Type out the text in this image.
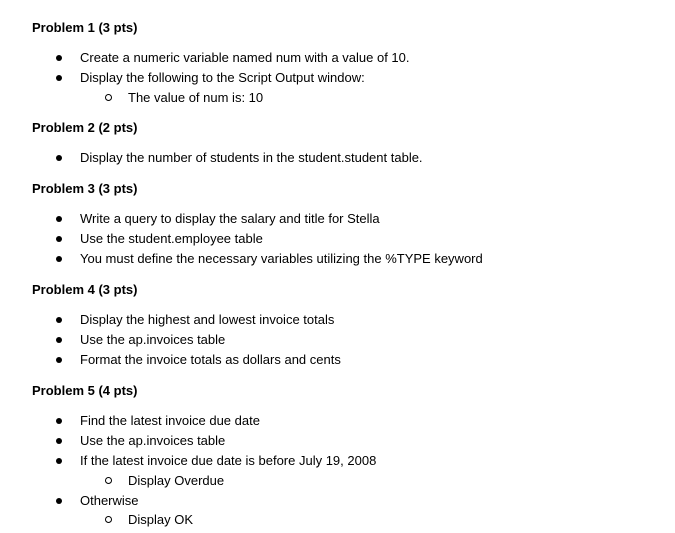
Problem 1 (3 pts)
Create a numeric variable named num with a value of 10.
Display the following to the Script Output window:
The value of num is: 10
Problem 2 (2 pts)
Display the number of students in the student.student table.
Problem 3 (3 pts)
Write a query to display the salary and title for Stella
Use the student.employee table
You must define the necessary variables utilizing the %TYPE keyword
Problem 4 (3 pts)
Display the highest and lowest invoice totals
Use the ap.invoices table
Format the invoice totals as dollars and cents
Problem 5 (4 pts)
Find the latest invoice due date
Use the ap.invoices table
If the latest invoice due date is before July 19, 2008
Display Overdue
Otherwise
Display OK
